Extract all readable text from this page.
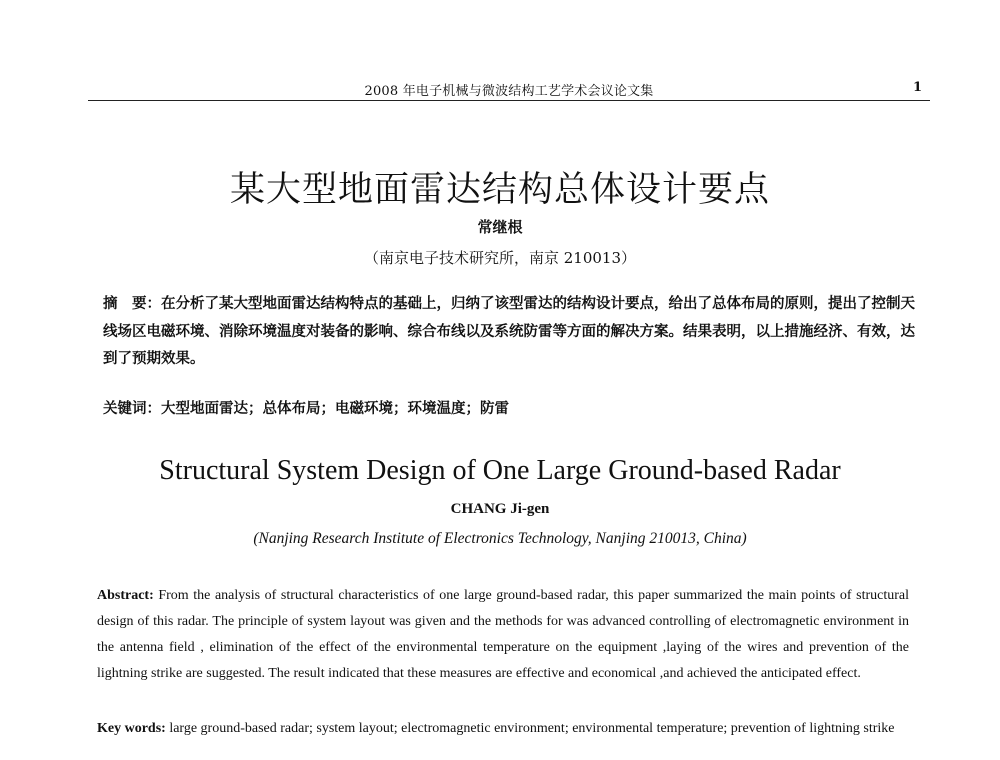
2008 年电子机械与微波结构工艺学术会议论文集	1
某大型地面雷达结构总体设计要点
常继根
（南京电子技术研究所，南京 210013）
摘　要：在分析了某大型地面雷达结构特点的基础上，归纳了该型雷达的结构设计要点，给出了总体布局的原则，提出了控制天线场区电磁环境、消除环境温度对装备的影响、综合布线以及系统防雷等方面的解决方案。结果表明，以上措施经济、有效，达到了预期效果。
关键词：大型地面雷达；总体布局；电磁环境；环境温度；防雷
Structural System Design of One Large Ground-based Radar
CHANG Ji-gen
(Nanjing Research Institute of Electronics Technology, Nanjing 210013, China)
Abstract: From the analysis of structural characteristics of one large ground-based radar, this paper summarized the main points of structural design of this radar. The principle of system layout was given and the methods for was advanced controlling of electromagnetic environment in the antenna field , elimination of the effect of the environmental temperature on the equipment ,laying of the wires and prevention of the lightning strike are suggested. The result indicated that these measures are effective and economical ,and achieved the anticipated effect.
Key words: large ground-based radar; system layout; electromagnetic environment; environmental temperature; prevention of lightning strike
